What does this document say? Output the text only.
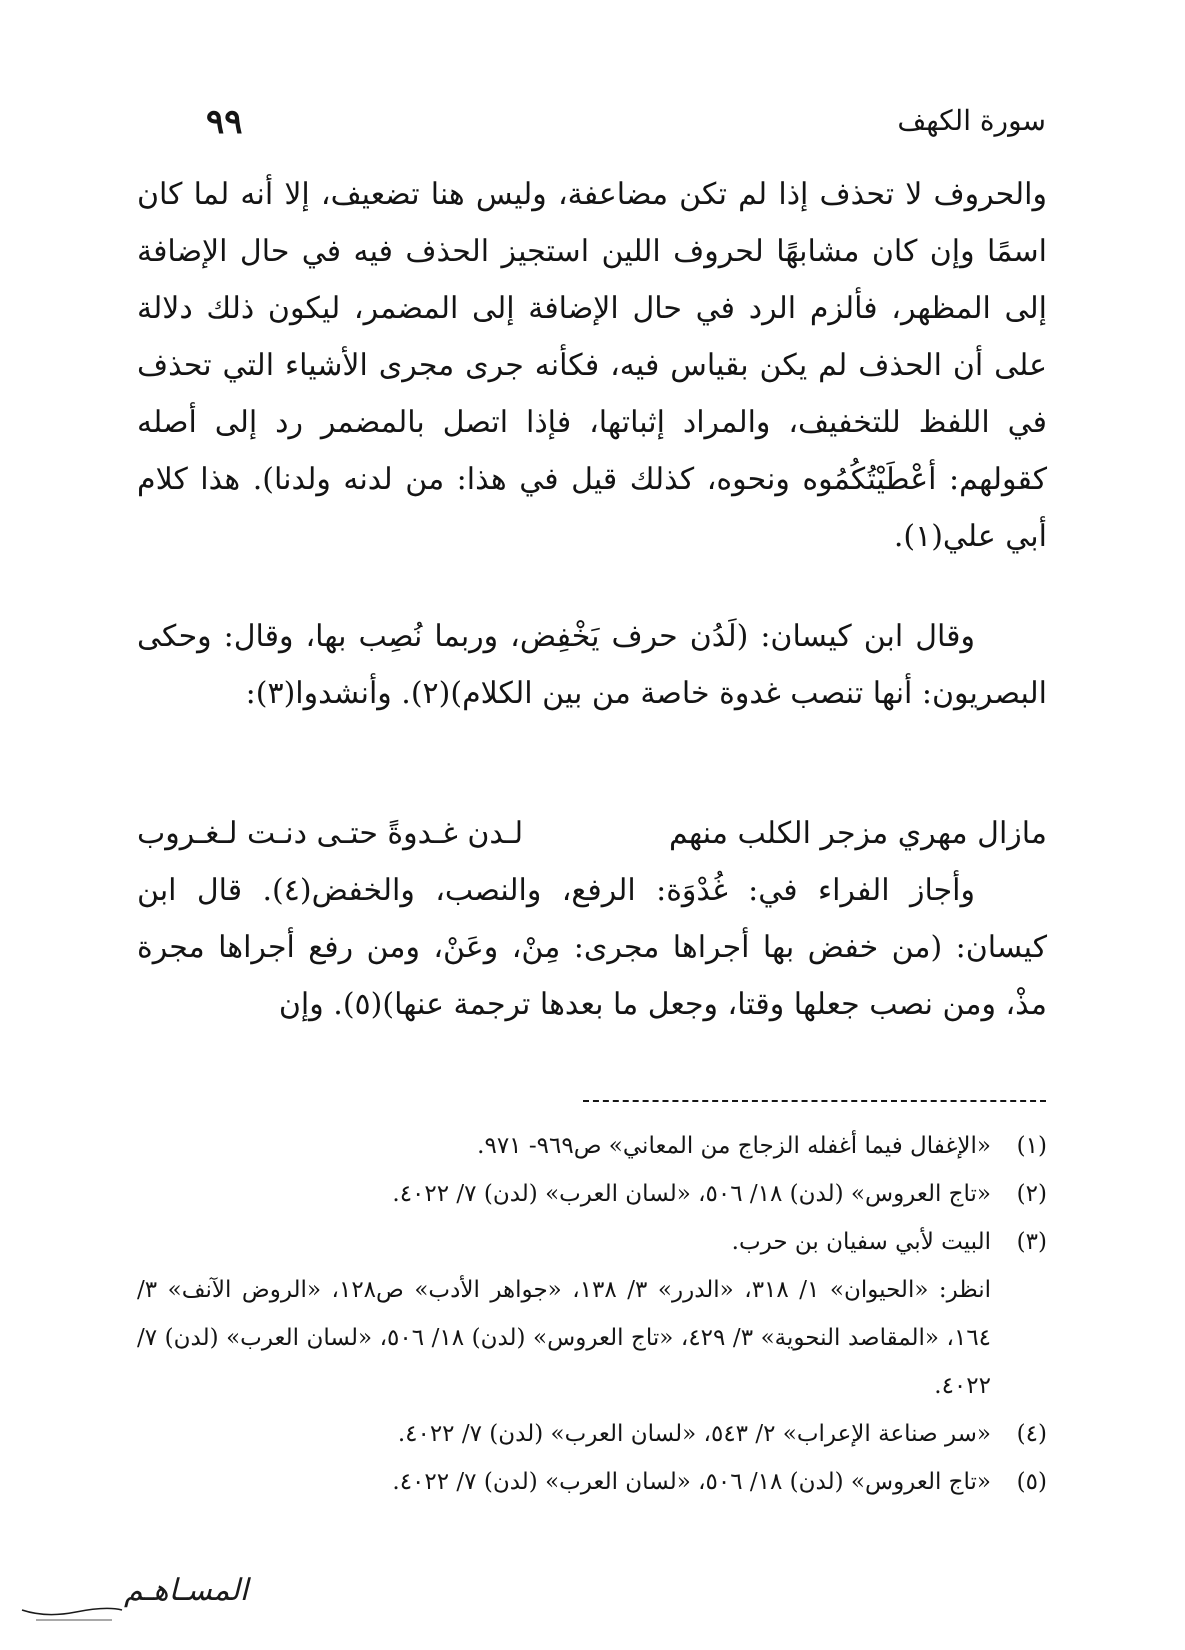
٩٩	سورة الكهف

والحروف لا تحذف إذا لم تكن مضاعفة، وليس هنا تضعيف، إلا أنه لما كان اسمًا وإن كان مشابهًا لحروف اللين استجيز الحذف فيه في حال الإضافة إلى المظهر، فألزم الرد في حال الإضافة إلى المضمر، ليكون ذلك دلالة على أن الحذف لم يكن بقياس فيه، فكأنه جرى مجرى الأشياء التي تحذف في اللفظ للتخفيف، والمراد إثباتها، فإذا اتصل بالمضمر رد إلى أصله كقولهم: أعْطَيْتُكُمُوه ونحوه، كذلك قيل في هذا: من لدنه ولدنا). هذا كلام أبي علي(١).

وقال ابن كيسان: (لَدُن حرف يَخْفِض، وربما نُصِب بها، وقال: وحكى البصريون: أنها تنصب غدوة خاصة من بين الكلام)(٢). وأنشدوا(٣):

مازال مهري مزجر الكلب منهم
لـدن غـدوةً حتـى دنـت لـغـروب

وأجاز الفراء في: غُدْوَة: الرفع، والنصب، والخفض(٤). قال ابن كيسان: (من خفض بها أجراها مجرى: مِنْ، وعَنْ، ومن رفع أجراها مجرة مذْ، ومن نصب جعلها وقتا، وجعل ما بعدها ترجمة عنها)(٥). وإن

(١)
«الإغفال فيما أغفله الزجاج من المعاني» ص٩٦٩- ٩٧١.
(٢)
«تاج العروس» (لدن) ١٨/ ٥٠٦، «لسان العرب» (لدن) ٧/ ٤٠٢٢.
(٣)
البيت لأبي سفيان بن حرب.
انظر: «الحيوان» ١/ ٣١٨، «الدرر» ٣/ ١٣٨، «جواهر الأدب» ص١٢٨، «الروض الآنف» ٣/ ١٦٤، «المقاصد النحوية» ٣/ ٤٢٩، «تاج العروس» (لدن) ١٨/ ٥٠٦، «لسان العرب» (لدن) ٧/ ٤٠٢٢.
(٤)
«سر صناعة الإعراب» ٢/ ٥٤٣، «لسان العرب» (لدن) ٧/ ٤٠٢٢.
(٥)
«تاج العروس» (لدن) ١٨/ ٥٠٦، «لسان العرب» (لدن) ٧/ ٤٠٢٢.
المسـاهـم
